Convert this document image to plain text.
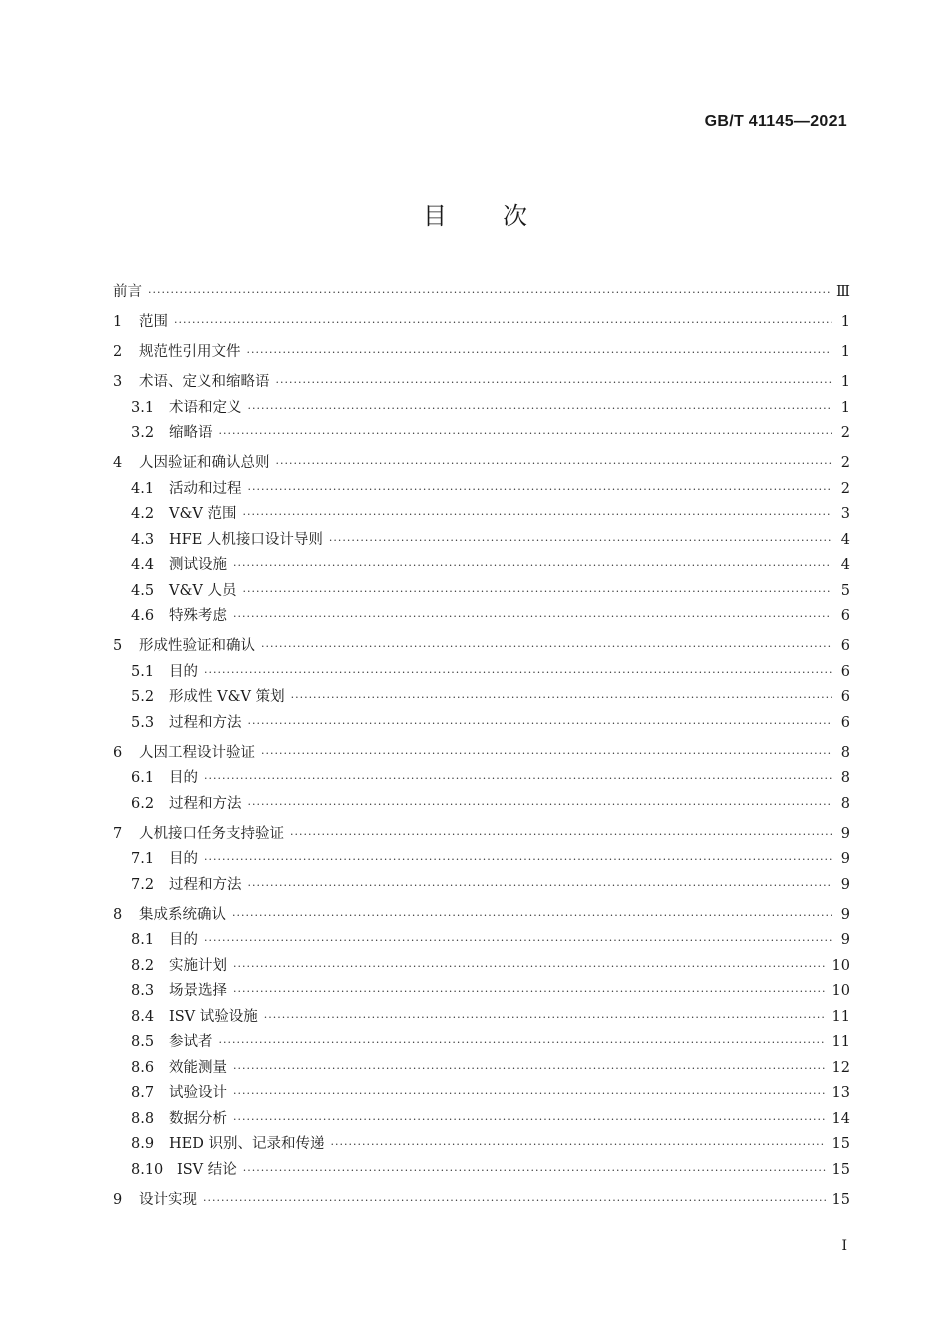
GB/T 41145—2021
目次
前言 ·····	Ⅲ
1	范围 ·····	1
2	规范性引用文件 ·····	1
3	术语、定义和缩略语 ·····	1
3.1	术语和定义 ·····	1
3.2	缩略语 ·····	2
4	人因验证和确认总则 ·····	2
4.1	活动和过程 ·····	2
4.2	V&V 范围 ·····	3
4.3	HFE 人机接口设计导则 ·····	4
4.4	测试设施 ·····	4
4.5	V&V 人员 ·····	5
4.6	特殊考虑 ·····	6
5	形成性验证和确认 ·····	6
5.1	目的 ·····	6
5.2	形成性 V&V 策划 ·····	6
5.3	过程和方法 ·····	6
6	人因工程设计验证 ·····	8
6.1	目的 ·····	8
6.2	过程和方法 ·····	8
7	人机接口任务支持验证 ·····	9
7.1	目的 ·····	9
7.2	过程和方法 ·····	9
8	集成系统确认 ·····	9
8.1	目的 ·····	9
8.2	实施计划 ·····	10
8.3	场景选择 ·····	10
8.4	ISV 试验设施 ·····	11
8.5	参试者 ·····	11
8.6	效能测量 ·····	12
8.7	试验设计 ·····	13
8.8	数据分析 ·····	14
8.9	HED 识别、记录和传递 ·····	15
8.10 ISV 结论 ·····	15
9	设计实现 ·····	15
I
